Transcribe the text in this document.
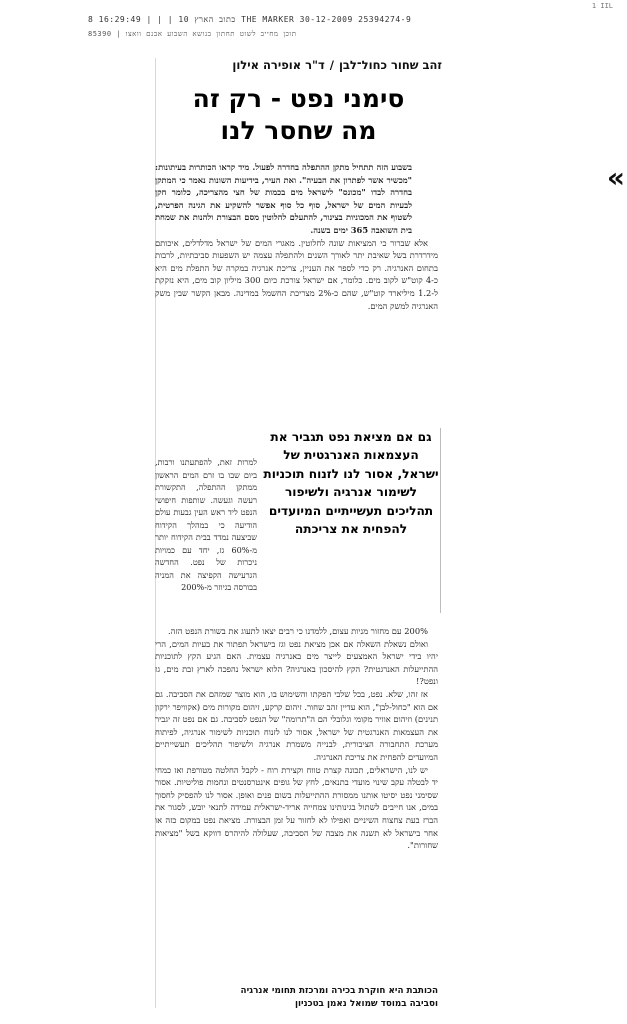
8 16:29:49 | | | 10 כתוב הארץ THE MARKER 30-12-2009 25394274-9
85390 | תוכן מחייב לשוט תחתון בנושא השבוע אבנם וואצו
1 IIL
זהב שחור כחול־לבן/ד"ר אופירה אילון
סימני נפט - רק זה
מה שחסר לנו
«

בשבוע הזה תתחיל מתקן ההתפלה בחדרה לפעול. מיד קראו הכותרות בעיתונות: "מכשיר אשר לפתרון את הבעיה". ואת העיר, בידיעות השונות נאמר כי המתקן בחדרה לבדו "מכונס" לישראל מים בכמות של חצי מהצריכה, כלומר חקן לבעיות המים של ישראל, סוף כל סוף אפשר להשקיע את הגינה הפרטית, לשטוף את המכוניות בצינור, להתעלם להלוטין מסם הבצורת ולהנות את שמחת בית השואבה 365 ימים בשנה.

אלא שברור כי המציאות שונה לחלוטין. מאגרי המים של ישראל מדלדלים, איכותם מידרדרת בשל שאיבת יתר לאורך השנים ולהתפלה עצמה יש השפעות סביבתיות, לרבות בתחום האנרגיה. רק כדי לספר את העניין, צריכת אנרגיה במקרה של התפלת מים היא כ-4 קוט"ש לקוב מים. כלומר, אם ישראל צורכת כיום 300 מיליון קוב מים, היא נזקקת ל-1.2 מיליארד קוט"ש, שהם כ-2% מצריכת החשמל במדינה. מבאן הקשר שבין משק האנרגיה למשק המים.

למרות זאת, להפתעתנו ורבות, ביום שבו בו זרם המים הראשון ממתקן ההתפלה, התקשורת רעשה וגעשה. שותפות חיפושי הנפט ליד ראש העין גבעות עולם הודיעה כי במהלך הקידוח שביצעה נמדד בבית הקידוח יותר מ-60% גז, יחד עם כמויות ניכרות של נפט. החדשה הגרעישה הקפיצה את המניה בבורסה בגיוזר מ-200%

גם אם מציאת נפט תגביר את העצמאות האנרגטית של ישראל, אסור לנו לזנוח תוכניות לשימור אנרגיה ולשיפור תהליכים תעשייתיים המיועדים להפחית את צריכתה

200% עם מחזור מניות עצום, ללמדנו כי רבים יצאו לתעוג את בשורת הנפט הזה.

ואולם נשאלת השאלה אם אכן מציאת נפט וגז בישראל תפתור את בעיות המים, הרי יהיו בידי ישראל האמצעים לייצר מים באנרגיה עצמית. האם הגיע הקץ לתוכניות ההתייעלות האנרגטית? הקץ להיסכון באנרגיה? הלוא ישראל נהפכה לארץ זבת מים, גז ונפט?!

אז זהו, שלא. נפט, בכל שלבי הפקתו והשימוש בו, הוא מוצר שמזהם את הסביבה. גם אם הוא "כחול-לבן", הוא עדיין זהב שחור. זיהום קרקע, זיהום מקורות מים (אקוויפר ירקון תנינים) וזיהום אוויר מקומי וגלובלי הם ה"תרומה" של הנפט לסביבה. גם אם נפט זה יגביר את העצמאות האנרגטית של ישראל, אסור לנו לזנוח תוכניות לשימור אנרגיה, לפיתוח מערכת התחבורה הציבורית, לבנייה משמרת אנרגיה ולשיפור תהליכים תעשייתיים המיועדים להפחית את צריכת האנרגיה.

יש לנו, הישראלים, תכונה קצרת טווח וקצירת רוח - לקבל החלטה מטורפת ואז כמחי יד לבטלה עקב שינוי מועדי בתנאים, לחץ של גופים אינטרסנטים ונחמות פוליטיות. אסור שסימני נפט יסיטו אותנו ממסורת ההתייעלות בשום פנים ואופן. אסור לנו להפסיק לחסוך במים, אנו חייבים לשתול בגינותינו צמחייה אריד-ישראלית עמידה לתנאי יובש, לסגור את הברז בעת צחצוח השיניים ואפילו לא לחזור על זמן הבצורת. מציאת נפט במקום כזה או אחר בישראל לא תשנה את מצבה של הסביבה, שעלולה להיהרס דווקא בשל "מציאות שחורות".

הכותבת היא חוקרת בכירה ומרכזת תחומי אנרגיה
וסביבה במוסד שמואל נאמן בטכניון
